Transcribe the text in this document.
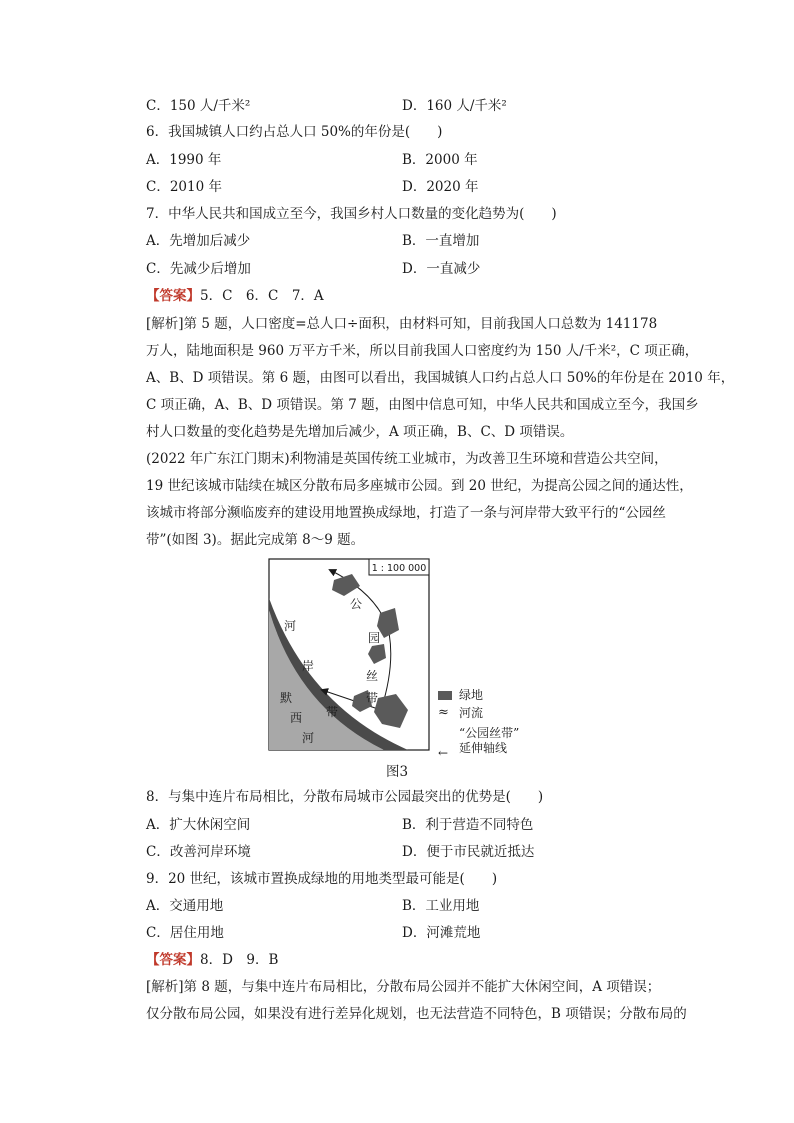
C．150 人/千米²	D．160 人/千米²
6．我国城镇人口约占总人口 50%的年份是(　　)
A．1990 年	B．2000 年
C．2010 年	D．2020 年
7．中华人民共和国成立至今，我国乡村人口数量的变化趋势为(　　)
A．先增加后减少	B．一直增加
C．先减少后增加	D．一直减少
【答案】5．C　6．C　7．A
[解析]第 5 题，人口密度=总人口÷面积，由材料可知，目前我国人口总数为 141178
万人，陆地面积是 960 万平方千米，所以目前我国人口密度约为 150 人/千米²，C 项正确，
A、B、D 项错误。第 6 题，由图可以看出，我国城镇人口约占总人口 50%的年份是在 2010 年，
C 项正确，A、B、D 项错误。第 7 题，由图中信息可知，中华人民共和国成立至今，我国乡
村人口数量的变化趋势是先增加后减少，A 项正确，B、C、D 项错误。
(2022 年广东江门期末)利物浦是英国传统工业城市，为改善卫生环境和营造公共空间，
19 世纪该城市陆续在城区分散布局多座城市公园。到 20 世纪，为提高公园之间的通达性，
该城市将部分濒临废弃的建设用地置换成绿地，打造了一条与河岸带大致平行的“公园丝
带”(如图 3)。据此完成第 8～9 题。
1 : 100 000
公
园
丝
带
河
岸
带
默
西
河
绿地
≈ 河流
←
“公园丝带”
延伸轴线
图3
8．与集中连片布局相比，分散布局城市公园最突出的优势是(　　)
A．扩大休闲空间	B．利于营造不同特色
C．改善河岸环境	D．便于市民就近抵达
9．20 世纪，该城市置换成绿地的用地类型最可能是(　　)
A．交通用地	B．工业用地
C．居住用地	D．河滩荒地
【答案】8．D　9．B
[解析]第 8 题，与集中连片布局相比，分散布局公园并不能扩大休闲空间，A 项错误；
仅分散布局公园，如果没有进行差异化规划，也无法营造不同特色，B 项错误；分散布局的
